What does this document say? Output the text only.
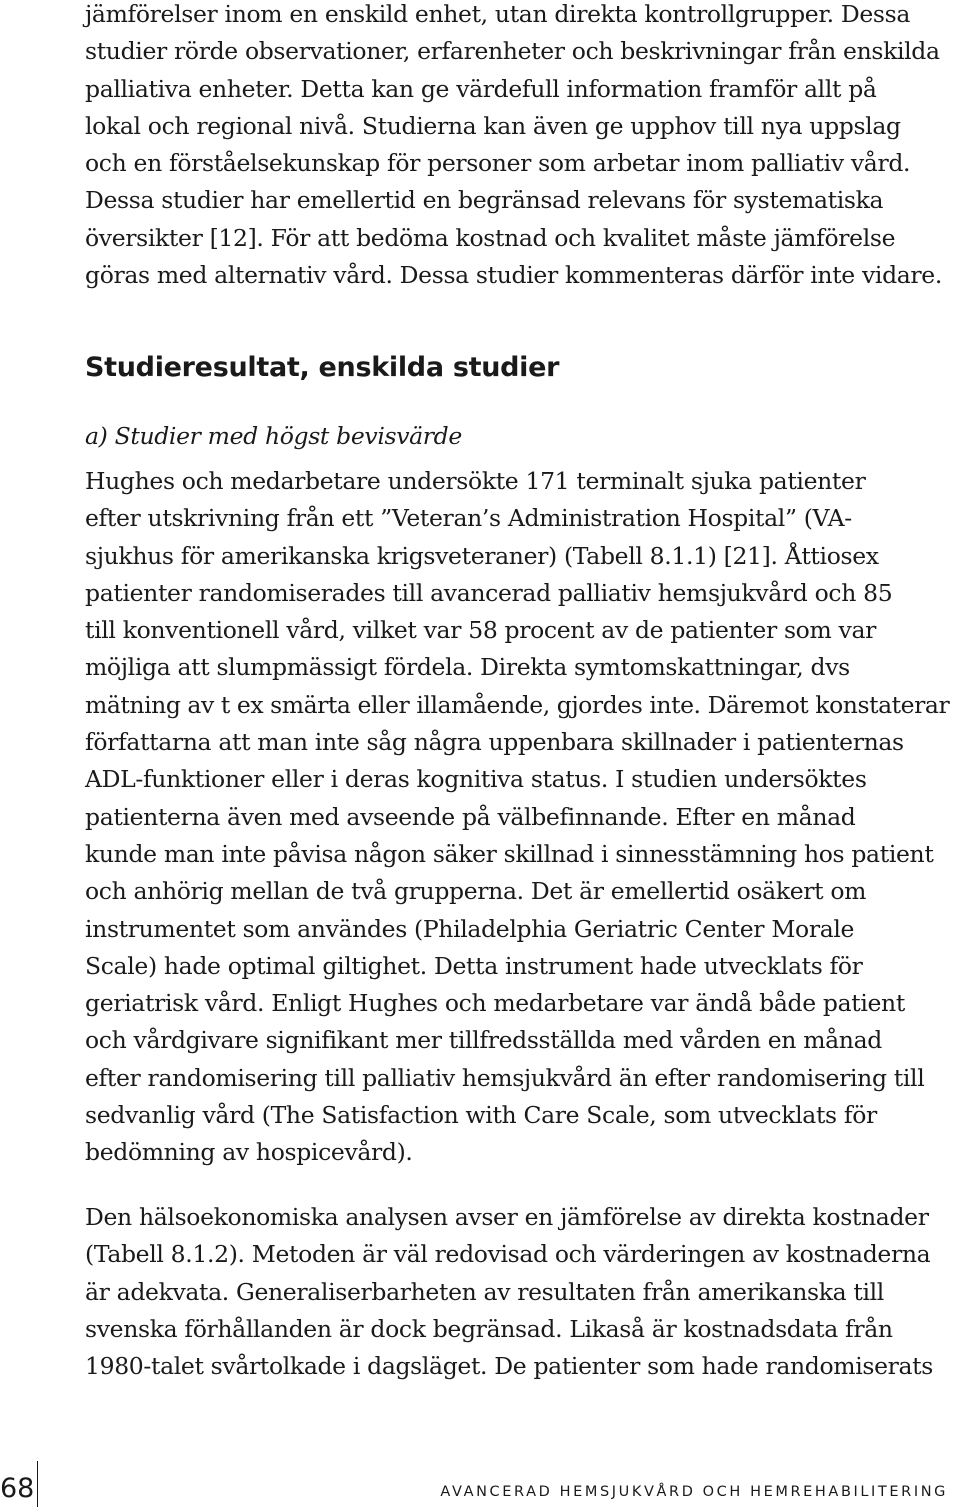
jämförelser inom en enskild enhet, utan direkta kontrollgrupper. Dessa
studier rörde observationer, erfarenheter och beskrivningar från enskilda
palliativa enheter. Detta kan ge värdefull information framför allt på
lokal och regional nivå. Studierna kan även ge upphov till nya uppslag
och en förståelsekunskap för personer som arbetar inom palliativ vård.
Dessa studier har emellertid en begränsad relevans för systematiska
översikter [12]. För att bedöma kostnad och kvalitet måste jämförelse
göras med alternativ vård. Dessa studier kommenteras därför inte vidare.
Studieresultat, enskilda studier

a) Studier med högst bevisvärde

Hughes och medarbetare undersökte 171 terminalt sjuka patienter
efter utskrivning från ett ”Veteran’s Administration Hospital” (VA-
sjukhus för amerikanska krigsveteraner) (Tabell 8.1.1) [21]. Åttiosex
patienter randomiserades till avancerad palliativ hemsjukvård och 85
till konventionell vård, vilket var 58 procent av de patienter som var
möjliga att slumpmässigt fördela. Direkta symtomskattningar, dvs
mätning av t ex smärta eller illamående, gjordes inte. Däremot konstaterar
författarna att man inte såg några uppenbara skillnader i patienternas
ADL-funktioner eller i deras kognitiva status. I studien undersöktes
patienterna även med avseende på välbefinnande. Efter en månad
kunde man inte påvisa någon säker skillnad i sinnesstämning hos patient
och anhörig mellan de två grupperna. Det är emellertid osäkert om
instrumentet som användes (Philadelphia Geriatric Center Morale
Scale) hade optimal giltighet. Detta instrument hade utvecklats för
geriatrisk vård. Enligt Hughes och medarbetare var ändå både patient
och vårdgivare signifikant mer tillfredsställda med vården en månad
efter randomisering till palliativ hemsjukvård än efter randomisering till
sedvanlig vård (The Satisfaction with Care Scale, som utvecklats för
bedömning av hospicevård).
Den hälsoekonomiska analysen avser en jämförelse av direkta kostnader
(Tabell 8.1.2). Metoden är väl redovisad och värderingen av kostnaderna
är adekvata. Generaliserbarheten av resultaten från amerikanska till
svenska förhållanden är dock begränsad. Likaså är kostnadsdata från
1980-talet svårtolkade i dagsläget. De patienter som hade randomiserats
68	AVANCERAD HEMSJUKVÅRD OCH HEMREHABILITERING
